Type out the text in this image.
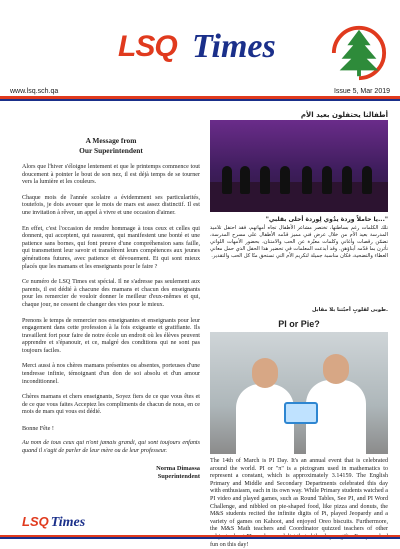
LSQ Times
www.lsq.sch.qa	Issue 5, Mar 2019
A Message from
Our Superintendent

Alors que l'hiver s'éloigne lentement et que le printemps commence tout doucement à pointer le bout de son nez, il est déjà temps de se tourner vers la lumière et les couleurs.

Chaque mois de l'année scolaire a évidemment ses particularités, toutefois, je dois avouer que le mois de mars est assez distinctif. Il est une invitation à rêver, un appel à vivre et une occasion d'aimer.

En effet, c'est l'occasion de rendre hommage à tous ceux et celles qui donnent, qui acceptent, qui rassurent, qui manifestent une bonté et une patience sans bornes, qui font preuve d'une compréhension sans faille, qui transmettent leur savoir et transfèrent leurs compétences aux jeunes générations futures, avec patience et dévouement. Et qui sont mieux placés que les mamans et les enseignants pour le faire ?

Ce numéro de LSQ Times est spécial. Il ne s'adresse pas seulement aux parents, il est dédié à chacune des mamans et chacun des enseignants pour les remercier de vouloir donner le meilleur d'eux-mêmes et qui, chaque jour, ne cessent de changer des vies pour le mieux.

Prenons le temps de remercier nos enseignantes et enseignants pour leur engagement dans cette profession à la fois exigeante et gratifiante. Ils travaillent fort pour faire de notre école un endroit où les élèves peuvent apprendre et s'épanouir, et ce, malgré des conditions qui ne sont pas toujours faciles.

Merci aussi à nos chères mamans présentes ou absentes, porteuses d'une tendresse infinie, témoignant d'un don de soi absolu et d'un amour inconditionnel.

Chères mamans et chers enseignants, Soyez fiers de ce que vous êtes et de ce que vous faites Acceptez les compliments de chacun de nous, en ce mois de mars qui vous est dédié.

Bonne Fête !
Au nom de tous ceux qui n'ont jamais grandi, qui sont toujours enfants quand il s'agit de parler de leur mère ou de leur professeur.
Norma Dimassa
Superintendent
أطفالنا يحتفلون بعيد الأم
"يا حاملاً وردة يدُوي لِوردة أحلى بقلبي..."
تلك الكلمات رغم بساطتها، تختصر مشاعر الأطفال تجاه أمهاتهم، فقد احتفل تلاميذ المدرسة بعيد الأم من خلال عرض فني مميز قدّمه الأطفال على مسرح المدرسة، تضمّن رقصات وأغاني وكلمات معبّرة عن الحب والامتنان، بحضور الأمهات اللواتي تأثرن بما قدّمه أبناؤهن. وقد أبدعت المعلمات في تحضير هذا الحفل الذي حمل معاني العطاء والتضحية، فكان مناسبة جميلة لتكريم الأم التي تستحق منّا كل الحب والتقدير.
طوبى لقلوبٍ أحبّتنا بلا مقابل.
PI or Pie?
The 14th of March is PI Day. It's an annual event that is celebrated around the world. PI or "π" is a pictogram used in mathematics to represent a constant, which is approximately 3.14159. The English Primary and Middle and Secondary Departments celebrated this day with enthusiasm, each in its own way. While Primary students watched a PI video and played games, such as Round Tables, See PI, and PI Word Challenge, and nibbled on pie-shaped food, like pizza and donuts, the M&S students recited the infinite digits of Pi, played Jeopardy and a variety of games on Kahoot, and enjoyed Oreo biscuits. Furthermore, the M&S Math teachers and Coordinator quizzed teachers of other fun on this day!
LSQ Times
